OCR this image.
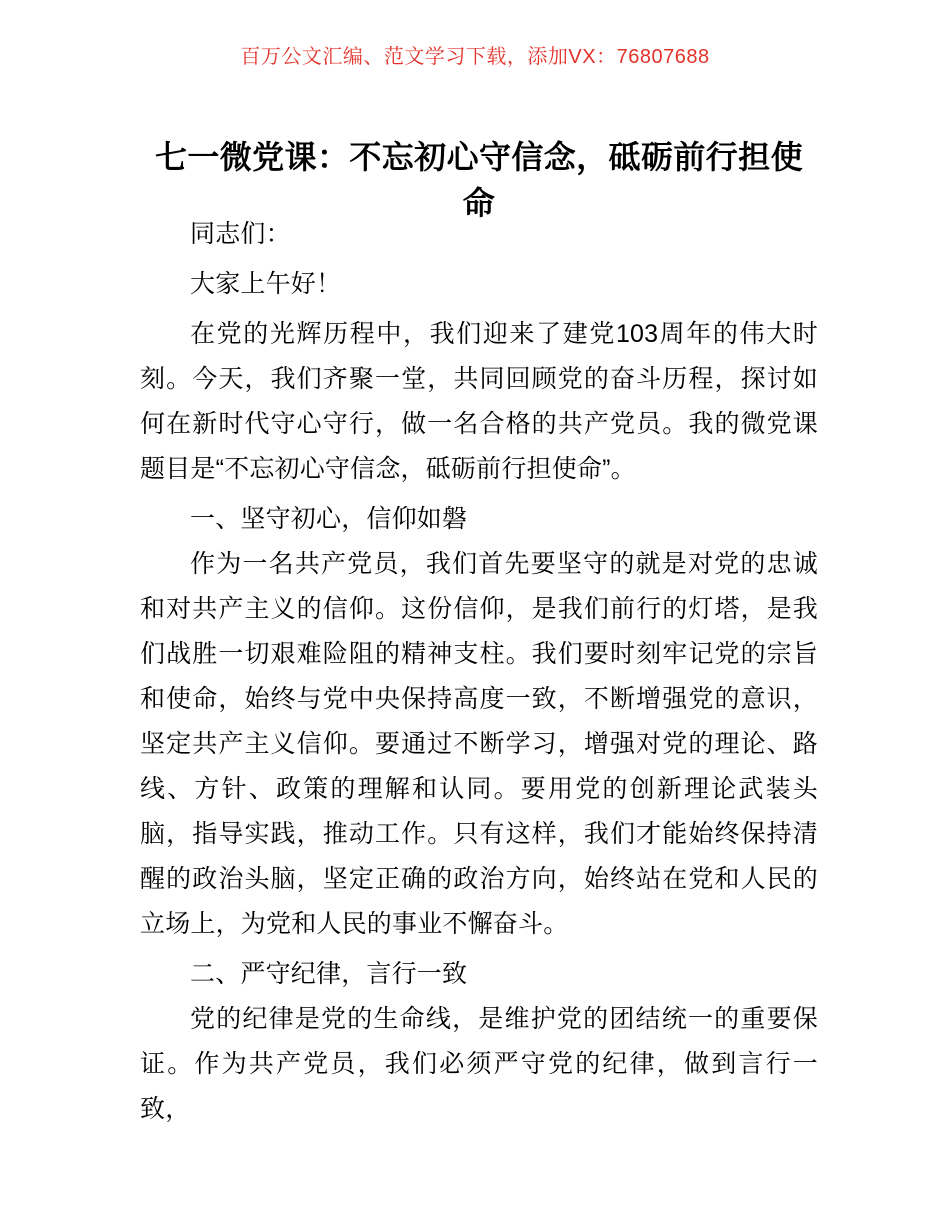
百万公文汇编、范文学习下载，添加VX：76807688
七一微党课：不忘初心守信念，砥砺前行担使命

同志们：

大家上午好！

在党的光辉历程中，我们迎来了建党103周年的伟大时刻。今天，我们齐聚一堂，共同回顾党的奋斗历程，探讨如何在新时代守心守行，做一名合格的共产党员。我的微党课题目是“不忘初心守信念，砥砺前行担使命”。

一、坚守初心，信仰如磐

作为一名共产党员，我们首先要坚守的就是对党的忠诚和对共产主义的信仰。这份信仰，是我们前行的灯塔，是我们战胜一切艰难险阻的精神支柱。我们要时刻牢记党的宗旨和使命，始终与党中央保持高度一致，不断增强党的意识，坚定共产主义信仰。要通过不断学习，增强对党的理论、路线、方针、政策的理解和认同。要用党的创新理论武装头脑，指导实践，推动工作。只有这样，我们才能始终保持清醒的政治头脑，坚定正确的政治方向，始终站在党和人民的立场上，为党和人民的事业不懈奋斗。

二、严守纪律，言行一致

党的纪律是党的生命线，是维护党的团结统一的重要保证。作为共产党员，我们必须严守党的纪律，做到言行一致，
